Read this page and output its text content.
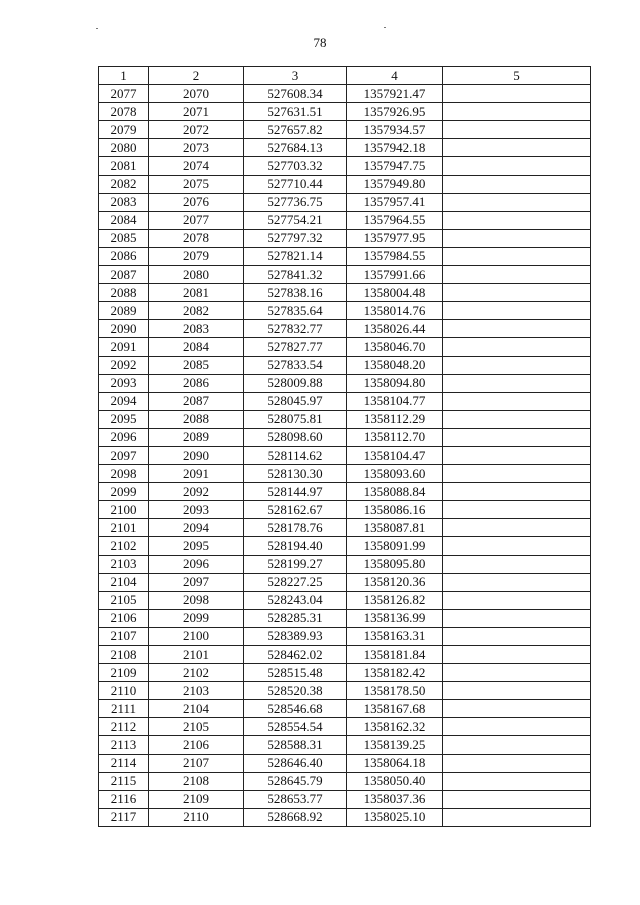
78
1	2	3	4	5
2077	2070	527608.34	1357921.47	
2078	2071	527631.51	1357926.95	
2079	2072	527657.82	1357934.57	
2080	2073	527684.13	1357942.18	
2081	2074	527703.32	1357947.75	
2082	2075	527710.44	1357949.80	
2083	2076	527736.75	1357957.41	
2084	2077	527754.21	1357964.55	
2085	2078	527797.32	1357977.95	
2086	2079	527821.14	1357984.55	
2087	2080	527841.32	1357991.66	
2088	2081	527838.16	1358004.48	
2089	2082	527835.64	1358014.76	
2090	2083	527832.77	1358026.44	
2091	2084	527827.77	1358046.70	
2092	2085	527833.54	1358048.20	
2093	2086	528009.88	1358094.80	
2094	2087	528045.97	1358104.77	
2095	2088	528075.81	1358112.29	
2096	2089	528098.60	1358112.70	
2097	2090	528114.62	1358104.47	
2098	2091	528130.30	1358093.60	
2099	2092	528144.97	1358088.84	
2100	2093	528162.67	1358086.16	
2101	2094	528178.76	1358087.81	
2102	2095	528194.40	1358091.99	
2103	2096	528199.27	1358095.80	
2104	2097	528227.25	1358120.36	
2105	2098	528243.04	1358126.82	
2106	2099	528285.31	1358136.99	
2107	2100	528389.93	1358163.31	
2108	2101	528462.02	1358181.84	
2109	2102	528515.48	1358182.42	
2110	2103	528520.38	1358178.50	
2111	2104	528546.68	1358167.68	
2112	2105	528554.54	1358162.32	
2113	2106	528588.31	1358139.25	
2114	2107	528646.40	1358064.18	
2115	2108	528645.79	1358050.40	
2116	2109	528653.77	1358037.36	
2117	2110	528668.92	1358025.10	
